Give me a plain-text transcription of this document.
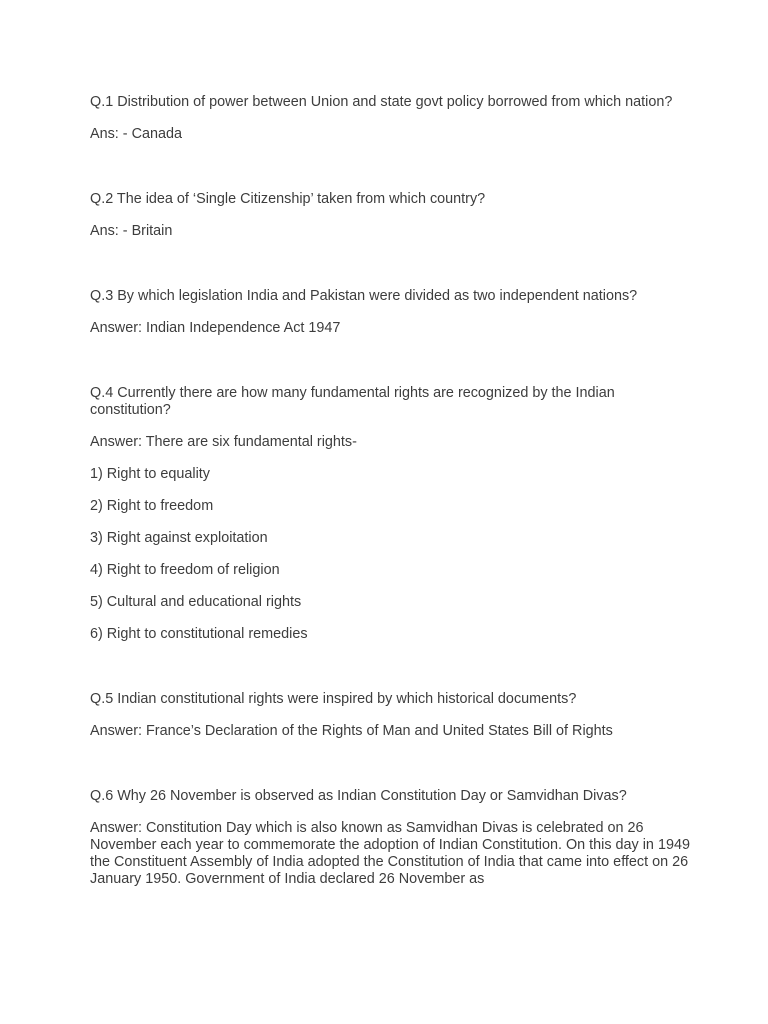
Q.1 Distribution of power between Union and state govt policy borrowed from which nation?

Ans: - Canada

Q.2 The idea of ‘Single Citizenship’ taken from which country?

Ans: - Britain

Q.3 By which legislation India and Pakistan were divided as two independent nations?

Answer: Indian Independence Act 1947

Q.4 Currently there are how many fundamental rights are recognized by the Indian constitution?

Answer: There are six fundamental rights-

1) Right to equality

2) Right to freedom

3) Right against exploitation

4) Right to freedom of religion

5) Cultural and educational rights

6) Right to constitutional remedies

Q.5 Indian constitutional rights were inspired by which historical documents?

Answer: France’s Declaration of the Rights of Man and United States Bill of Rights

Q.6 Why 26 November is observed as Indian Constitution Day or Samvidhan Divas?

Answer: Constitution Day which is also known as Samvidhan Divas is celebrated on 26 November each year to commemorate the adoption of Indian Constitution. On this day in 1949 the Constituent Assembly of India adopted the Constitution of India that came into effect on 26 January 1950. Government of India declared 26 November as
